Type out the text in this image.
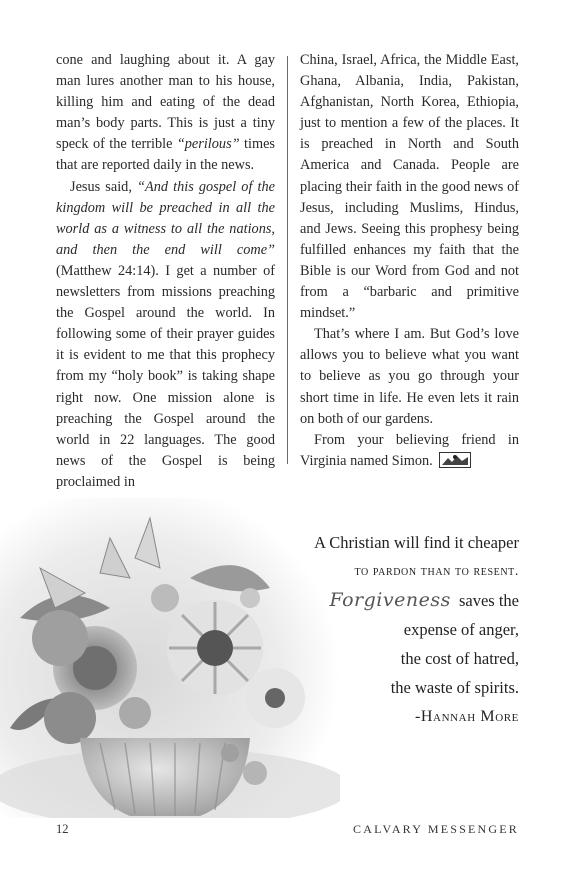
cone and laughing about it. A gay man lures another man to his house, killing him and eating of the dead man’s body parts. This is just a tiny speck of the terrible “perilous” times that are reported daily in the news.

Jesus said, “And this gospel of the kingdom will be preached in all the world as a witness to all the nations, and then the end will come” (Matthew 24:14). I get a number of newsletters from missions preaching the Gospel around the world. In following some of their prayer guides it is evident to me that this prophecy from my “holy book” is taking shape right now. One mission alone is preaching the Gospel around the world in 22 languages. The good news of the Gospel is being proclaimed in

China, Israel, Africa, the Middle East, Ghana, Albania, India, Pakistan, Afghanistan, North Korea, Ethiopia, just to mention a few of the places. It is preached in North and South America and Canada. People are placing their faith in the good news of Jesus, including Muslims, Hindus, and Jews. Seeing this prophesy being fulfilled enhances my faith that the Bible is our Word from God and not from a “barbaric and primitive mindset.”

That’s where I am. But God’s love allows you to believe what you want to believe as you go through your short time in life. He even lets it rain on both of our gardens.

From your believing friend in Virginia named Simon.

A Christian will find it cheaper
to pardon than to resent.
Forgiveness saves the
expense of anger,
the cost of hatred,
the waste of spirits.
-Hannah More
12	CALVARY MESSENGER
